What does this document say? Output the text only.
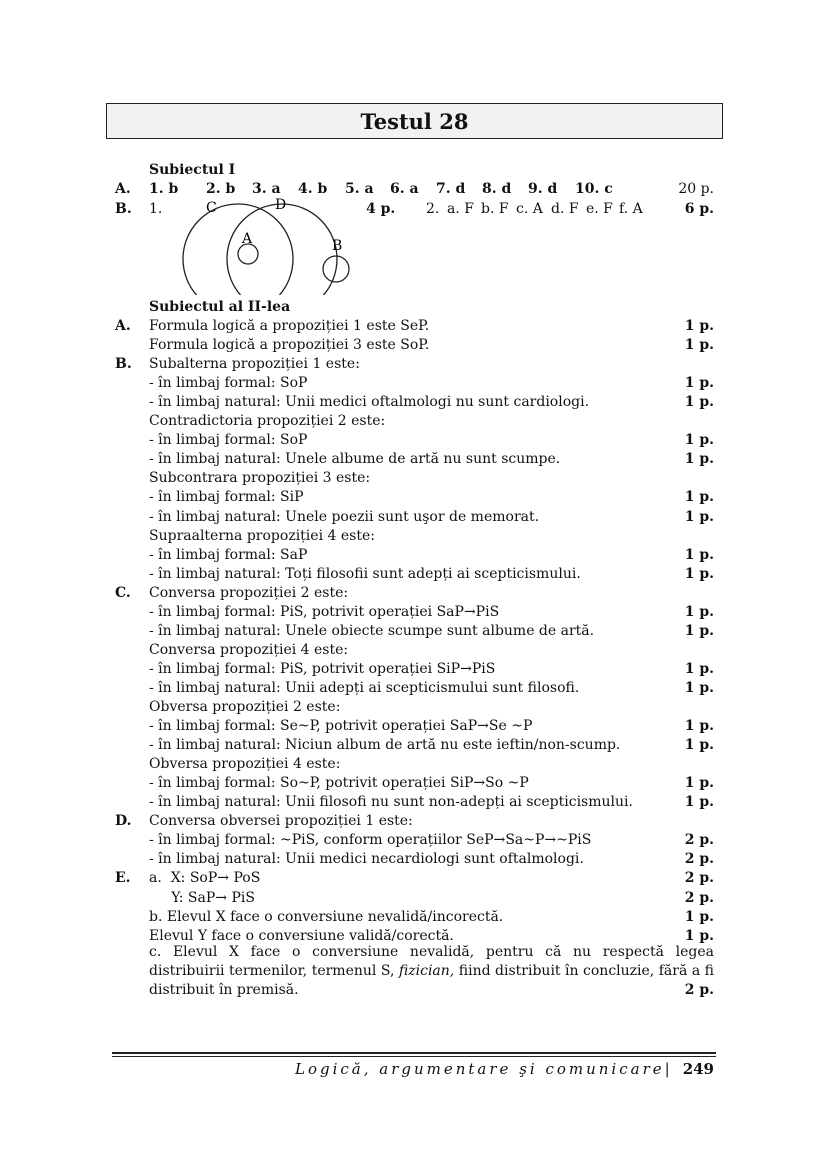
Testul 28
Subiectul I
A. 1. b 2. b 3. a 4. b 5. a 6. a 7. d 8. d 9. d 10. c	20 p.
B. 1.	4 p. 2. a. F b. F c. A d. F e. F f. A	6 p.
C	D
A	B
Subiectul al II-lea
A. Formula logică a propoziției 1 este SeP.	1 p.
Formula logică a propoziției 3 este SoP.	1 p.
B. Subalterna propoziției 1 este:
- în limbaj formal: SoP	1 p.
- în limbaj natural: Unii medici oftalmologi nu sunt cardiologi.	1 p.
Contradictoria propoziției 2 este:
- în limbaj formal: SoP	1 p.
- în limbaj natural: Unele albume de artă nu sunt scumpe.	1 p.
Subcontrara propoziției 3 este:
- în limbaj formal: SiP	1 p.
- în limbaj natural: Unele poezii sunt uşor de memorat.	1 p.
Supraalterna propoziției 4 este:
- în limbaj formal: SaP	1 p.
- în limbaj natural: Toți filosofii sunt adepți ai scepticismului.	1 p.
C. Conversa propoziției 2 este:
- în limbaj formal: PiS, potrivit operației SaP→PiS	1 p.
- în limbaj natural: Unele obiecte scumpe sunt albume de artă.	1 p.
Conversa propoziției 4 este:
- în limbaj formal: PiS, potrivit operației SiP→PiS	1 p.
- în limbaj natural: Unii adepți ai scepticismului sunt filosofi.	1 p.
Obversa propoziției 2 este:
- în limbaj formal: Se~P, potrivit operației SaP→Se ~P	1 p.
- în limbaj natural: Niciun album de artă nu este ieftin/non-scump.	1 p.
Obversa propoziției 4 este:
- în limbaj formal: So~P, potrivit operației SiP→So ~P	1 p.
- în limbaj natural: Unii filosofi nu sunt non-adepți ai scepticismului.	1 p.
D. Conversa obversei propoziției 1 este:
- în limbaj formal: ~PiS, conform operațiilor SeP→Sa~P→~PiS	2 p.
- în limbaj natural: Unii medici necardiologi sunt oftalmologi.	2 p.
E. a.  X: SoP→ PoS	2 p.
Y: SaP→ PiS	2 p.
b. Elevul X face o conversiune nevalidă/incorectă.	1 p.
Elevul Y face o conversiune validă/corectă.	1 p.
c. Elevul X face o conversiune nevalidă, pentru că nu respectă legea distribuirii termenilor, termenul S, fizician, fiind distribuit în concluzie, fără a fi distribuit în premisă.	2 p.
Logică, argumentare şi comunicare| 249
